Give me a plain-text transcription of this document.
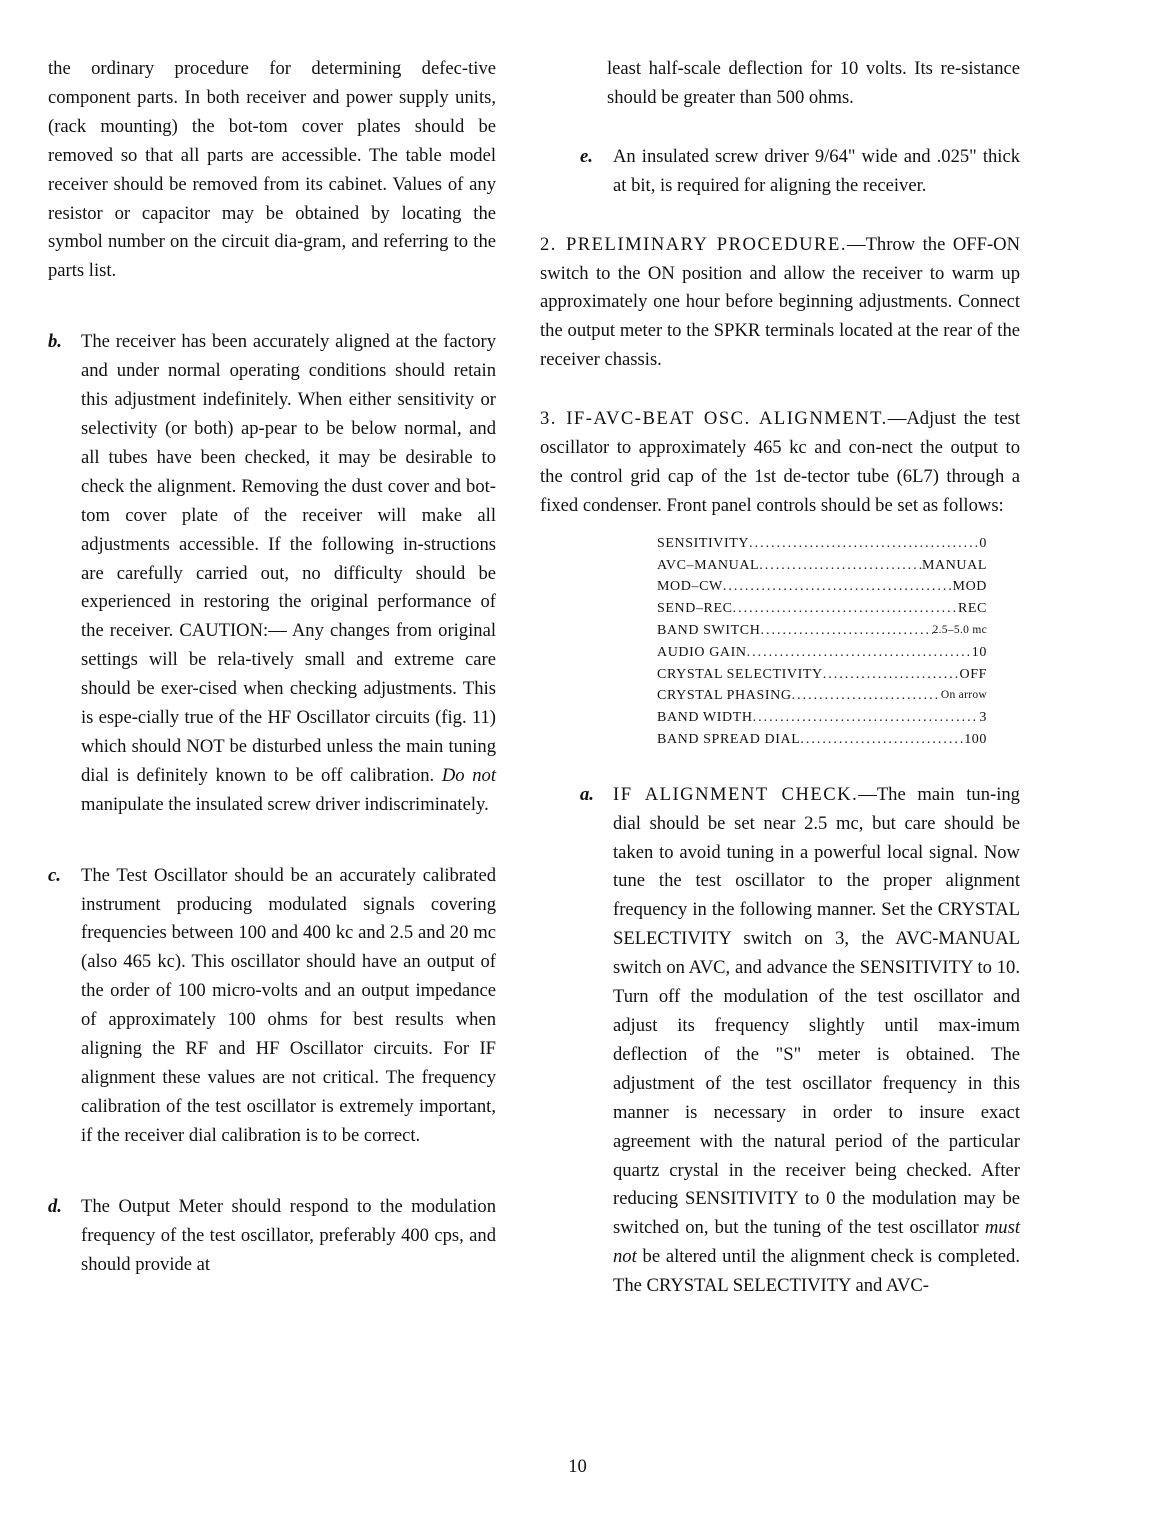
the ordinary procedure for determining defec-tive component parts. In both receiver and power supply units, (rack mounting) the bot-tom cover plates should be removed so that all parts are accessible. The table model receiver should be removed from its cabinet. Values of any resistor or capacitor may be obtained by locating the symbol number on the circuit dia-gram, and referring to the parts list.

b. The receiver has been accurately aligned at the factory and under normal operating conditions should retain this adjustment indefinitely. When either sensitivity or selectivity (or both) ap-pear to be below normal, and all tubes have been checked, it may be desirable to check the alignment. Removing the dust cover and bot-tom cover plate of the receiver will make all adjustments accessible. If the following in-structions are carefully carried out, no difficulty should be experienced in restoring the original performance of the receiver. CAUTION:— Any changes from original settings will be rela-tively small and extreme care should be exer-cised when checking adjustments. This is espe-cially true of the HF Oscillator circuits (fig. 11) which should NOT be disturbed unless the main tuning dial is definitely known to be off calibration. Do not manipulate the insulated screw driver indiscriminately.
c. The Test Oscillator should be an accurately calibrated instrument producing modulated signals covering frequencies between 100 and 400 kc and 2.5 and 20 mc (also 465 kc). This oscillator should have an output of the order of 100 micro-volts and an output impedance of approximately 100 ohms for best results when aligning the RF and HF Oscillator circuits. For IF alignment these values are not critical. The frequency calibration of the test oscillator is extremely important, if the receiver dial calibration is to be correct.
d. The Output Meter should respond to the modulation frequency of the test oscillator, preferably 400 cps, and should provide at

least half-scale deflection for 10 volts. Its re-sistance should be greater than 500 ohms.

e. An insulated screw driver 9/64" wide and .025" thick at bit, is required for aligning the receiver.

2. PRELIMINARY PROCEDURE.—Throw the OFF-ON switch to the ON position and allow the receiver to warm up approximately one hour before beginning adjustments. Connect the output meter to the SPKR terminals located at the rear of the receiver chassis.

3. IF-AVC-BEAT OSC. ALIGNMENT.—Adjust the test oscillator to approximately 465 kc and con-nect the output to the control grid cap of the 1st de-tector tube (6L7) through a fixed condenser. Front panel controls should be set as follows:

SENSITIVITY .....	0
AVC–MANUAL .....	MANUAL
MOD–CW .....	MOD
SEND–REC .....	REC
BAND SWITCH .....	2.5–5.0 mc
AUDIO GAIN .....	10
CRYSTAL SELECTIVITY .....	OFF
CRYSTAL PHASING .....	On arrow
BAND WIDTH .....	3
BAND SPREAD DIAL .....	100
a. IF ALIGNMENT CHECK.—The main tun-ing dial should be set near 2.5 mc, but care should be taken to avoid tuning in a powerful local signal. Now tune the test oscillator to the proper alignment frequency in the following manner. Set the CRYSTAL SELECTIVITY switch on 3, the AVC-MANUAL switch on AVC, and advance the SENSITIVITY to 10. Turn off the modulation of the test oscillator and adjust its frequency slightly until max-imum deflection of the "S" meter is obtained. The adjustment of the test oscillator frequency in this manner is necessary in order to insure exact agreement with the natural period of the particular quartz crystal in the receiver being checked. After reducing SENSITIVITY to 0 the modulation may be switched on, but the tuning of the test oscillator must not be altered until the alignment check is completed. The CRYSTAL SELECTIVITY and AVC-
10
